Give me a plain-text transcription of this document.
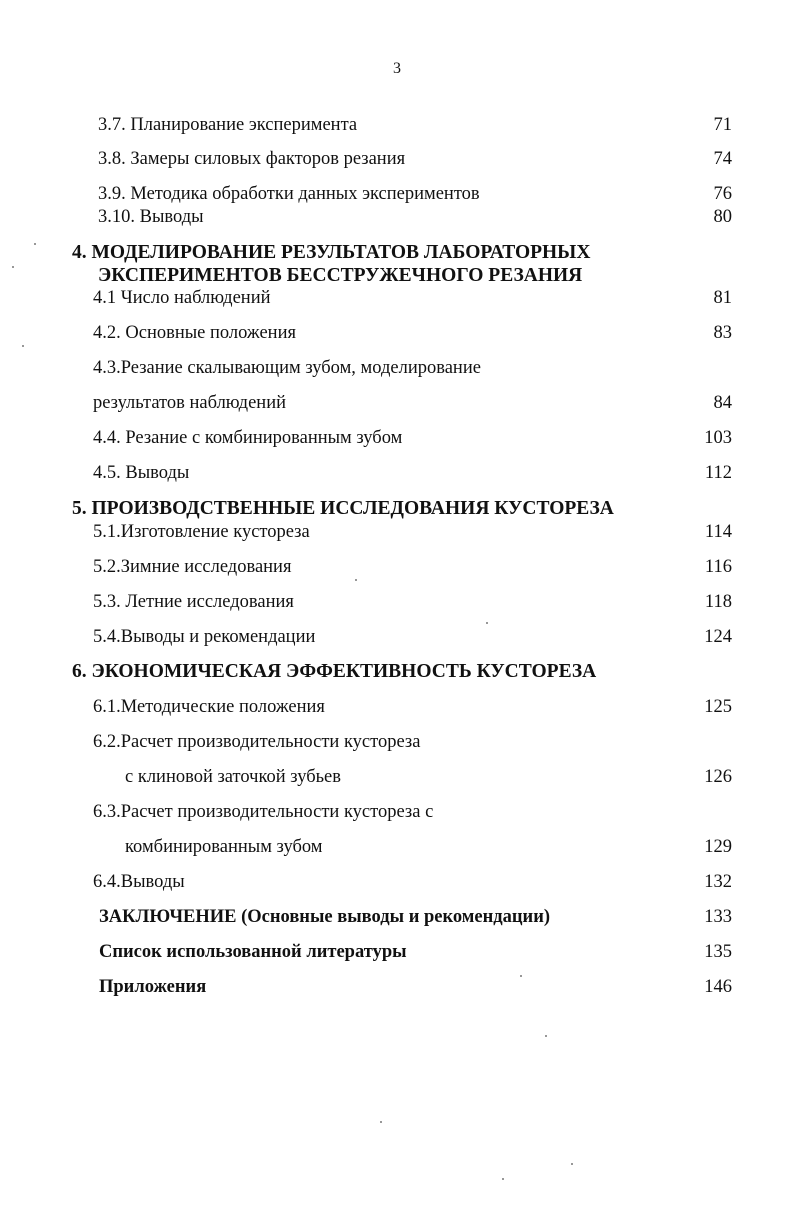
3
3.7. Планирование эксперимента	71
3.8. Замеры силовых факторов резания	74
3.9. Методика обработки данных экспериментов	76
3.10. Выводы	80
4. МОДЕЛИРОВАНИЕ РЕЗУЛЬТАТОВ ЛАБОРАТОРНЫХ
ЭКСПЕРИМЕНТОВ БЕССТРУЖЕЧНОГО РЕЗАНИЯ
4.1 Число наблюдений	81
4.2. Основные положения	83
4.3.Резание скалывающим зубом, моделирование
результатов наблюдений	84
4.4. Резание с комбинированным зубом	103
4.5. Выводы	112
5. ПРОИЗВОДСТВЕННЫЕ ИССЛЕДОВАНИЯ КУСТОРЕЗА
5.1.Изготовление кустореза	114
5.2.Зимние исследования	116
5.3. Летние исследования	118
5.4.Выводы и рекомендации	124
6. ЭКОНОМИЧЕСКАЯ ЭФФЕКТИВНОСТЬ КУСТОРЕЗА
6.1.Методические положения	125
6.2.Расчет производительности кустореза
с клиновой заточкой зубьев	126
6.3.Расчет производительности кустореза с
комбинированным зубом	129
6.4.Выводы	132
ЗАКЛЮЧЕНИЕ (Основные выводы и рекомендации)	133
Список использованной литературы	135
Приложения	146
